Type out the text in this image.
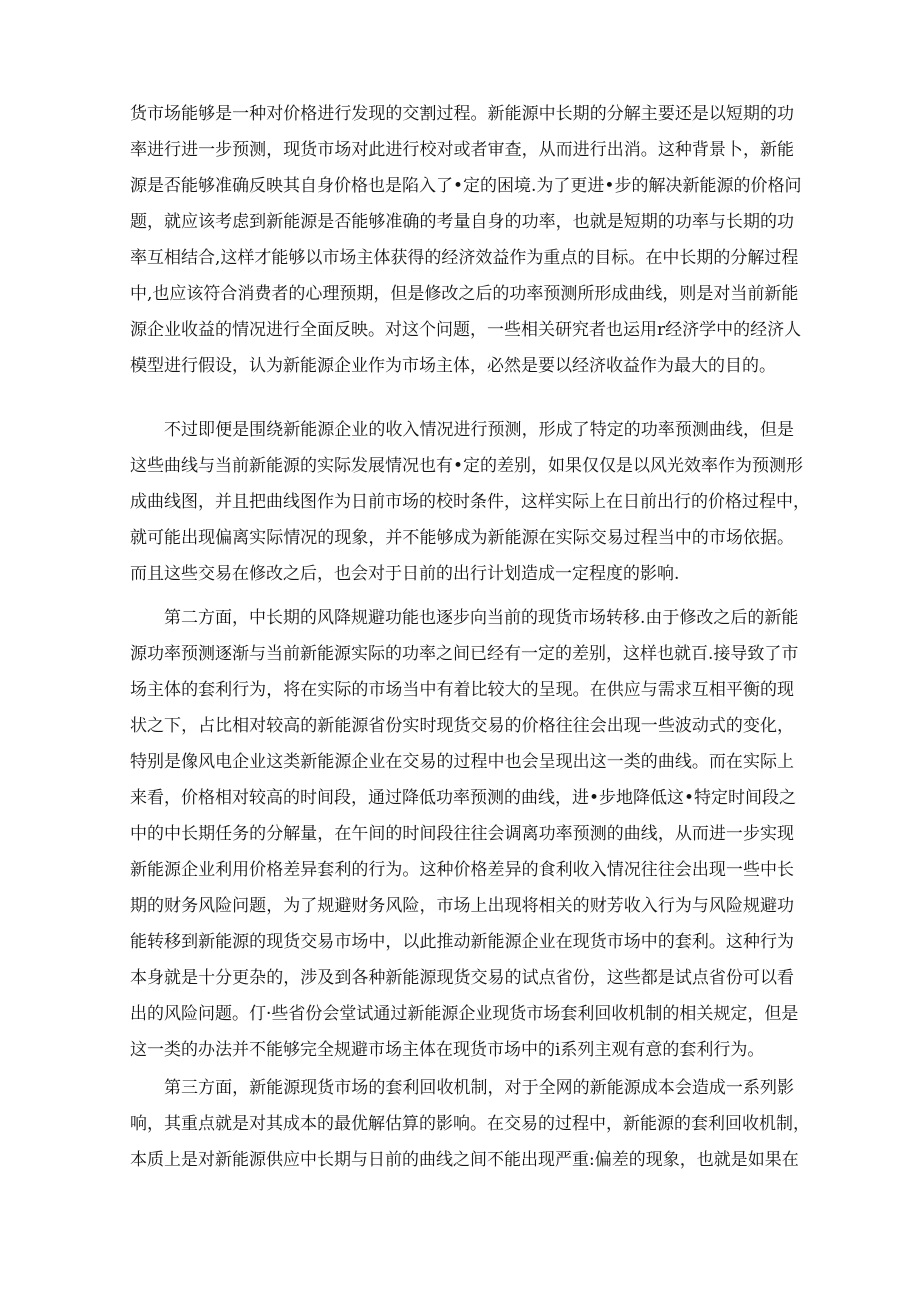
货市场能够是一种对价格进行发现的交割过程。新能源中长期的分解主要还是以短期的功
率进行进一步预测，现货市场对此进行校对或者审查，从而进行出消。这种背景卜，新能
源是否能够准确反映其自身价格也是陷入了•定的困境.为了更进•步的解决新能源的价格问
题，就应该考虑到新能源是否能够准确的考量自身的功率，也就是短期的功率与长期的功
率互相结合,这样才能够以市场主体获得的经济效益作为重点的目标。在中长期的分解过程
中,也应该符合消费者的心理预期，但是修改之后的功率预测所形成曲线，则是对当前新能
源企业收益的情况进行全面反映。对这个问题，一些相关研究者也运用r经济学中的经济人
模型进行假设，认为新能源企业作为市场主体，必然是要以经济收益作为最大的目的。
不过即便是围绕新能源企业的收入情况进行预测，形成了特定的功率预测曲线，但是
这些曲线与当前新能源的实际发展情况也有•定的差别，如果仅仅是以风光效率作为预测形
成曲线图，并且把曲线图作为日前市场的校时条件，这样实际上在日前出行的价格过程中，
就可能出现偏离实际情况的现象，并不能够成为新能源在实际交易过程当中的市场依据。
而且这些交易在修改之后，也会对于日前的出行计划造成一定程度的影响.
第二方面，中长期的风降规避功能也逐步向当前的现货市场转移.由于修改之后的新能
源功率预测逐渐与当前新能源实际的功率之间已经有一定的差别，这样也就百.接导致了市
场主体的套利行为，将在实际的市场当中有着比较大的呈现。在供应与需求互相平衡的现
状之下，占比相对较高的新能源省份实时现货交易的价格往往会出现一些波动式的变化，
特别是像风电企业这类新能源企业在交易的过程中也会呈现出这一类的曲线。而在实际上
来看，价格相对较高的时间段，通过降低功率预测的曲线，进•步地降低这•特定时间段之
中的中长期任务的分解量，在午间的时间段往往会调离功率预测的曲线，从而进一步实现
新能源企业利用价格差异套利的行为。这种价格差异的食利收入情况往往会出现一些中长
期的财务风险问题，为了规避财务风险，市场上出现将相关的财芳收入行为与风险规避功
能转移到新能源的现货交易市场中，以此推动新能源企业在现货市场中的套利。这种行为
本身就是十分更杂的，涉及到各种新能源现货交易的试点省份，这些都是试点省份可以看
出的风险问题。仃·些省份会堂试通过新能源企业现货市场套利回收机制的相关规定，但是
这一类的办法并不能够完全规避市场主体在现货市场中的i系列主观有意的套利行为。
第三方面，新能源现货市场的套利回收机制，对于全网的新能源成本会造成一系列影
响，其重点就是对其成本的最优解估算的影响。在交易的过程中，新能源的套利回收机制，
本质上是对新能源供应中长期与日前的曲线之间不能出现严重:偏差的现象，也就是如果在
